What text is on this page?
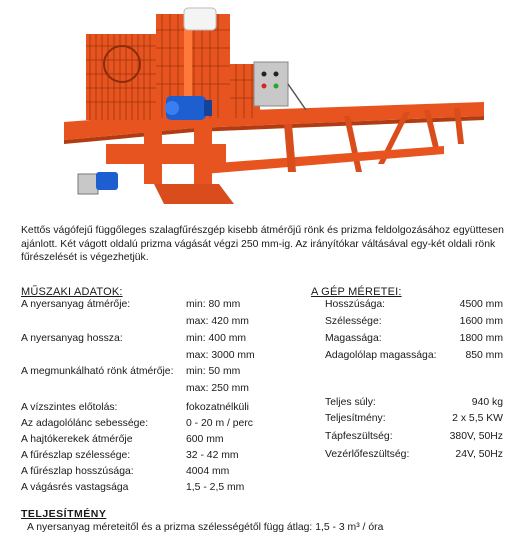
Kettős vágófejű függőleges szalagfűrészgép kisebb átmérőjű rönk és prizma feldolgozásához együttesen ajánlott. Két vágott oldalú prizma vágását végzi 250 mm-ig. Az irányítókar váltásával egy-két oldali rönk fűrészelését is végezhetjük.

MŰSZAKI ADATOK:
A nyersanyag átmérője:	min: 80 mm
max: 420 mm
A nyersanyag hossza:	min: 400 mm
max: 3000 mm
A megmunkálható rönk átmérője: min: 50 mm
max: 250 mm
A vízszintes előtolás:	fokozatnélküli
Az adagolólánc sebessége:	0 - 20 m / perc
A hajtókerekek átmérője	600 mm
A fűrészlap szélessége:	32 - 42 mm
A fűrészlap hosszúsága:	4004 mm
A vágásrés vastagsága	1,5 - 2,5 mm
A GÉP MÉRETEI:
Hosszúsága:	4500 mm
Szélessége:	1600 mm
Magassága:	1800 mm
Adagolólap magassága:	850 mm
Teljes súly:	940 kg
Teljesítmény:	2 x 5,5 KW
Tápfeszültség:	380V, 50Hz
Vezérlőfeszültség:	24V, 50Hz
TELJESÍTMÉNY
A nyersanyag méreteitől és a prizma szélességétől függ átlag: 1,5 - 3 m³ / óra
